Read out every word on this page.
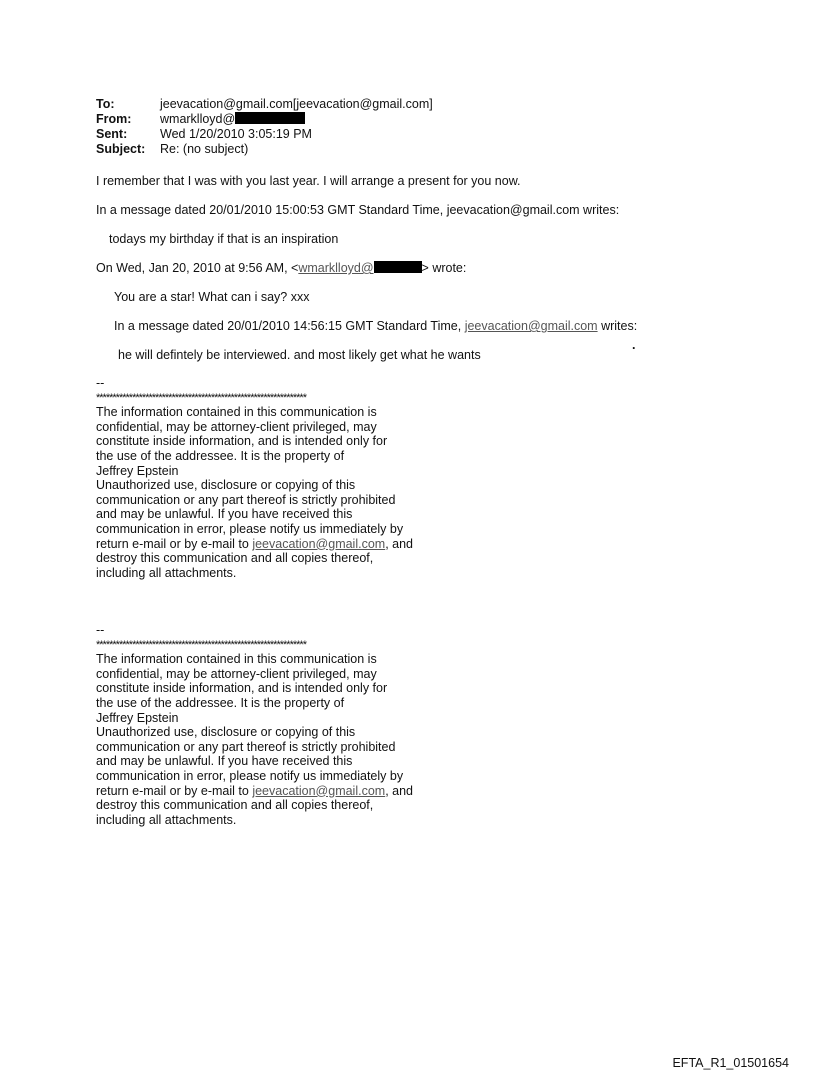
To:	jeevacation@gmail.com[jeevacation@gmail.com]
From: wmarklloyd@
Sent:	Wed 1/20/2010 3:05:19 PM
Subject: Re: (no subject)
I remember that I was with you last year. I will arrange a present for you now.
In a message dated 20/01/2010 15:00:53 GMT Standard Time, jeevacation@gmail.com writes:
todays my birthday if that is an inspiration
On Wed, Jan 20, 2010 at 9:56 AM, <wmarklloyd@	> wrote:
You are a star! What can i say? xxx
In a message dated 20/01/2010 14:56:15 GMT Standard Time, jeevacation@gmail.com writes:
he will defintely be interviewed. and most likely get what he wants
.
--
****************************************************************
The information contained in this communication is
confidential, may be attorney-client privileged, may
constitute inside information, and is intended only for
the use of the addressee. It is the property of
Jeffrey Epstein
Unauthorized use, disclosure or copying of this
communication or any part thereof is strictly prohibited
and may be unlawful. If you have received this
communication in error, please notify us immediately by
return e-mail or by e-mail to jeevacation@gmail.com, and
destroy this communication and all copies thereof,
including all attachments.
--
****************************************************************
The information contained in this communication is
confidential, may be attorney-client privileged, may
constitute inside information, and is intended only for
the use of the addressee. It is the property of
Jeffrey Epstein
Unauthorized use, disclosure or copying of this
communication or any part thereof is strictly prohibited
and may be unlawful. If you have received this
communication in error, please notify us immediately by
return e-mail or by e-mail to jeevacation@gmail.com, and
destroy this communication and all copies thereof,
including all attachments.
EFTA_R1_01501654
